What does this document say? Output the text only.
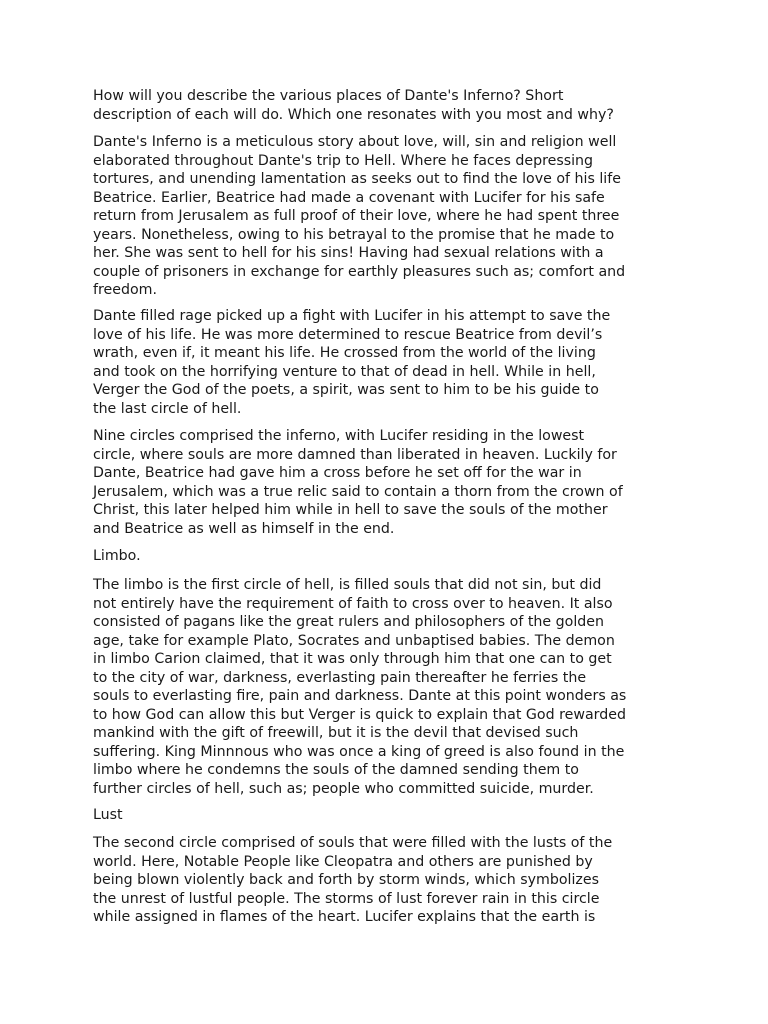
How will you describe the various places of Dante's Inferno? Short
description of each will do. Which one resonates with you most and why?

Dante's Inferno is a meticulous story about love, will, sin and religion well
elaborated throughout Dante's trip to Hell. Where he faces depressing
tortures, and unending lamentation as seeks out to find the love of his life
Beatrice. Earlier, Beatrice had made a covenant with Lucifer for his safe
return from Jerusalem as full proof of their love, where he had spent three
years. Nonetheless, owing to his betrayal to the promise that he made to
her. She was sent to hell for his sins! Having had sexual relations with a
couple of prisoners in exchange for earthly pleasures such as; comfort and
freedom.

Dante filled rage picked up a fight with Lucifer in his attempt to save the
love of his life. He was more determined to rescue Beatrice from devil’s
wrath, even if, it meant his life. He crossed from the world of the living
and took on the horrifying venture to that of dead in hell. While in hell,
Verger the God of the poets, a spirit, was sent to him to be his guide to
the last circle of hell.

Nine circles comprised the inferno, with Lucifer residing in the lowest
circle, where souls are more damned than liberated in heaven. Luckily for
Dante, Beatrice had gave him a cross before he set off for the war in
Jerusalem, which was a true relic said to contain a thorn from the crown of
Christ, this later helped him while in hell to save the souls of the mother
and Beatrice as well as himself in the end.

Limbo.

The limbo is the first circle of hell, is filled souls that did not sin, but did
not entirely have the requirement of faith to cross over to heaven. It also
consisted of pagans like the great rulers and philosophers of the golden
age, take for example Plato, Socrates and unbaptised babies. The demon
in limbo Carion claimed, that it was only through him that one can to get
to the city of war, darkness, everlasting pain thereafter he ferries the
souls to everlasting fire, pain and darkness. Dante at this point wonders as
to how God can allow this but Verger is quick to explain that God rewarded
mankind with the gift of freewill, but it is the devil that devised such
suffering. King Minnnous who was once a king of greed is also found in the
limbo where he condemns the souls of the damned sending them to
further circles of hell, such as; people who committed suicide, murder.

Lust

The second circle comprised of souls that were filled with the lusts of the
world. Here, Notable People like Cleopatra and others are punished by
being blown violently back and forth by storm winds, which symbolizes
the unrest of lustful people. The storms of lust forever rain in this circle
while assigned in flames of the heart. Lucifer explains that the earth is
